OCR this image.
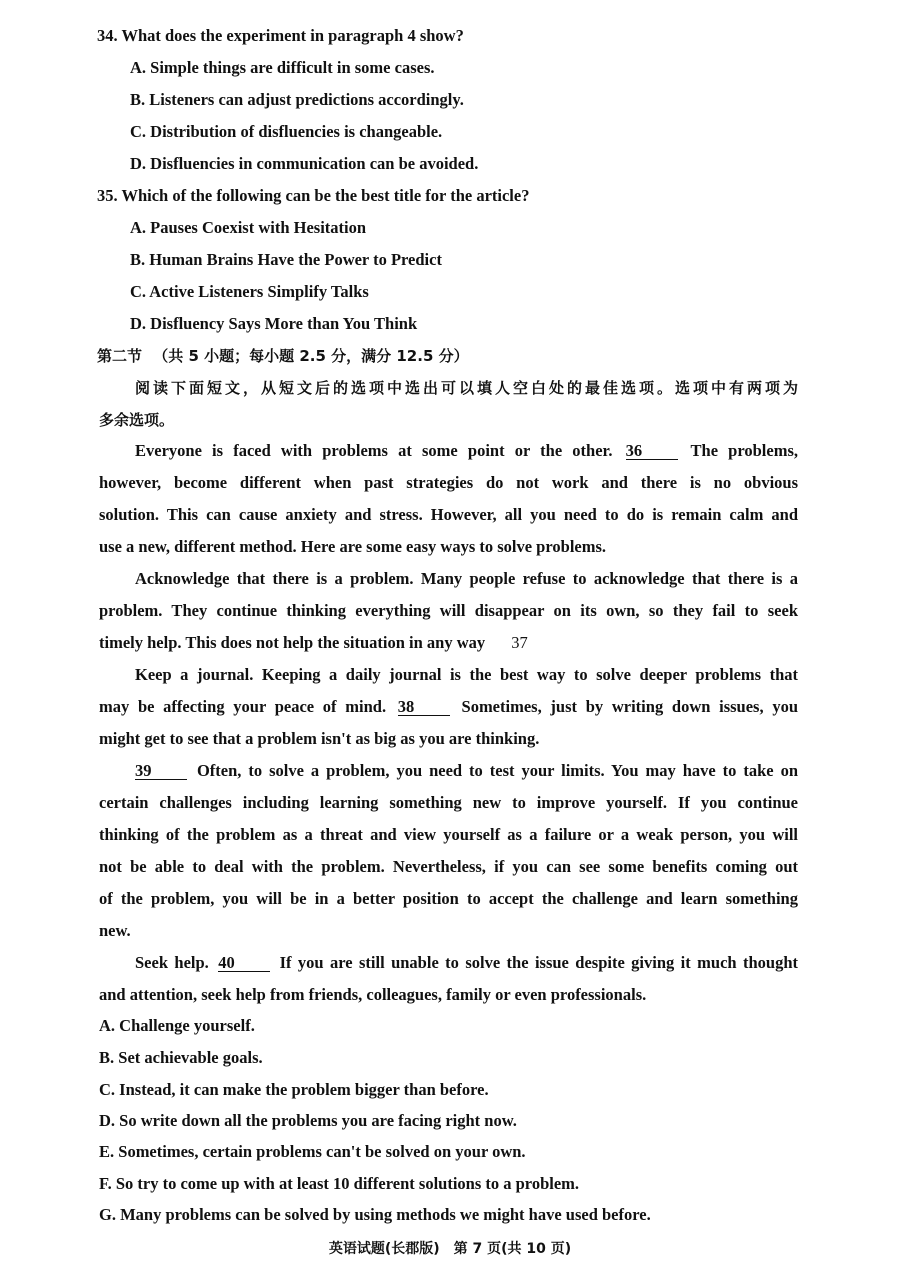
34. What does the experiment in paragraph 4 show?
A. Simple things are difficult in some cases.
B. Listeners can adjust predictions accordingly.
C. Distribution of disfluencies is changeable.
D. Disfluencies in communication can be avoided.
35. Which of the following can be the best title for the article?
A. Pauses Coexist with Hesitation
B. Human Brains Have the Power to Predict
C. Active Listeners Simplify Talks
D. Disfluency Says More than You Think
第二节 （共 5 小题；每小题 2.5 分，满分 12.5 分）
阅读下面短文，从短文后的选项中选出可以填人空白处的最佳选项。选项中有两项为
多余选项。
Everyone is faced with problems at some point or the other. 36	The problems,
however, become different when past strategies do not work and there is no obvious
solution. This can cause anxiety and stress. However, all you need to do is remain calm and
use a new, different method. Here are some easy ways to solve problems.
Acknowledge that there is a problem. Many people refuse to acknowledge that there is a
problem. They continue thinking everything will disappear on its own, so they fail to seek
timely help. This does not help the situation in any way 37
Keep a journal. Keeping a daily journal is the best way to solve deeper problems that
may be affecting your peace of mind. 38	Sometimes, just by writing down issues, you
might get to see that a problem isn't as big as you are thinking.
39	Often, to solve a problem, you need to test your limits. You may have to take on
certain challenges including learning something new to improve yourself. If you continue
thinking of the problem as a threat and view yourself as a failure or a weak person, you will
not be able to deal with the problem. Nevertheless, if you can see some benefits coming out
of the problem, you will be in a better position to accept the challenge and learn something
new.
Seek help. 40	If you are still unable to solve the issue despite giving it much thought
and attention, seek help from friends, colleagues, family or even professionals.
A. Challenge yourself.
B. Set achievable goals.
C. Instead, it can make the problem bigger than before.
D. So write down all the problems you are facing right now.
E. Sometimes, certain problems can't be solved on your own.
F. So try to come up with at least 10 different solutions to a problem.
G. Many problems can be solved by using methods we might have used before.
英语试题(长郡版) 第 7 页(共 10 页)
